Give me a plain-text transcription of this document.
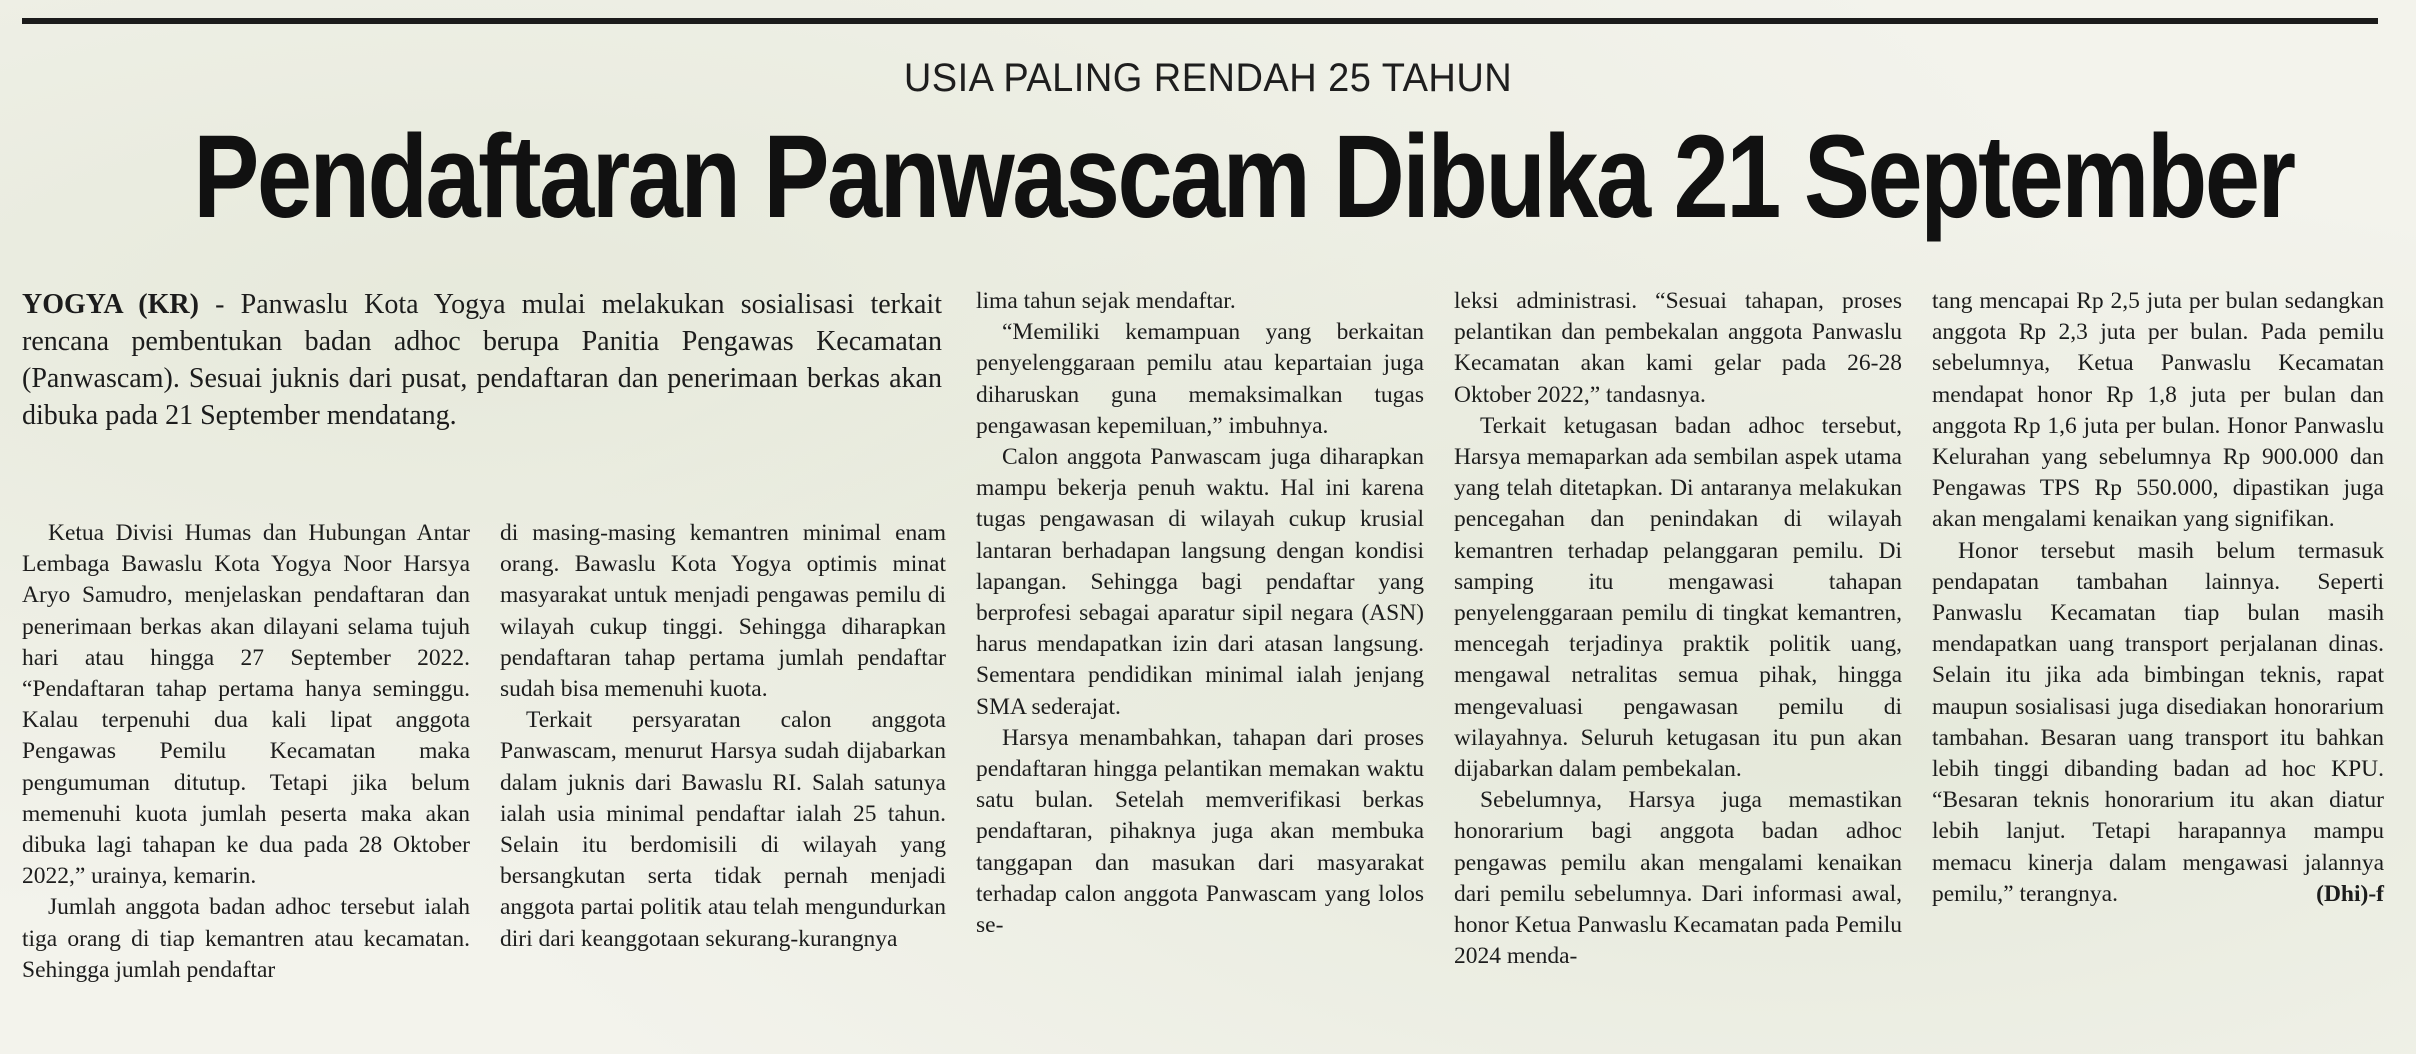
USIA PALING RENDAH 25 TAHUN
Pendaftaran Panwascam Dibuka 21 September

YOGYA (KR) - Panwaslu Kota Yogya mulai melakukan sosialisasi terkait rencana pembentukan badan adhoc berupa Panitia Pengawas Kecamatan (Panwascam). Sesuai juknis dari pusat, pendaftaran dan penerimaan berkas akan dibuka pada 21 September mendatang.

Ketua Divisi Humas dan Hubungan Antar Lembaga Bawaslu Kota Yogya Noor Harsya Aryo Samudro, menjelaskan pendaftaran dan penerimaan berkas akan dilayani selama tujuh hari atau hingga 27 September 2022. “Pendaftaran tahap pertama hanya seminggu. Kalau terpenuhi dua kali lipat anggota Pengawas Pemilu Kecamatan maka pengumuman ditutup. Tetapi jika belum memenuhi kuota jumlah peserta maka akan dibuka lagi tahapan ke dua pada 28 Oktober 2022,” urainya, kemarin.

Jumlah anggota badan adhoc tersebut ialah tiga orang di tiap kemantren atau kecamatan. Sehingga jumlah pendaftar

di masing-masing kemantren minimal enam orang. Bawaslu Kota Yogya optimis minat masyarakat untuk menjadi pengawas pemilu di wilayah cukup tinggi. Sehingga diharapkan pendaftaran tahap pertama jumlah pendaftar sudah bisa memenuhi kuota.

Terkait persyaratan calon anggota Panwascam, menurut Harsya sudah dijabarkan dalam juknis dari Bawaslu RI. Salah satunya ialah usia minimal pendaftar ialah 25 tahun. Selain itu berdomisili di wilayah yang bersangkutan serta tidak pernah menjadi anggota partai politik atau telah mengundurkan diri dari keanggotaan sekurang-kurangnya

lima tahun sejak mendaftar.

“Memiliki kemampuan yang berkaitan penyelenggaraan pemilu atau kepartaian juga diharuskan guna memaksimalkan tugas pengawasan kepemiluan,” imbuhnya.

Calon anggota Panwascam juga diharapkan mampu bekerja penuh waktu. Hal ini karena tugas pengawasan di wilayah cukup krusial lantaran berhadapan langsung dengan kondisi lapangan. Sehingga bagi pendaftar yang berprofesi sebagai aparatur sipil negara (ASN) harus mendapatkan izin dari atasan langsung. Sementara pendidikan minimal ialah jenjang SMA sederajat.

Harsya menambahkan, tahapan dari proses pendaftaran hingga pelantikan memakan waktu satu bulan. Setelah memverifikasi berkas pendaftaran, pihaknya juga akan membuka tanggapan dan masukan dari masyarakat terhadap calon anggota Panwascam yang lolos se-

leksi administrasi. “Sesuai tahapan, proses pelantikan dan pembekalan anggota Panwaslu Kecamatan akan kami gelar pada 26-28 Oktober 2022,” tandasnya.

Terkait ketugasan badan adhoc tersebut, Harsya memaparkan ada sembilan aspek utama yang telah ditetapkan. Di antaranya melakukan pencegahan dan penindakan di wilayah kemantren terhadap pelanggaran pemilu. Di samping itu mengawasi tahapan penyelenggaraan pemilu di tingkat kemantren, mencegah terjadinya praktik politik uang, mengawal netralitas semua pihak, hingga mengevaluasi pengawasan pemilu di wilayahnya. Seluruh ketugasan itu pun akan dijabarkan dalam pembekalan.

Sebelumnya, Harsya juga memastikan honorarium bagi anggota badan adhoc pengawas pemilu akan mengalami kenaikan dari pemilu sebelumnya. Dari informasi awal, honor Ketua Panwaslu Kecamatan pada Pemilu 2024 menda-

tang mencapai Rp 2,5 juta per bulan sedangkan anggota Rp 2,3 juta per bulan. Pada pemilu sebelumnya, Ketua Panwaslu Kecamatan mendapat honor Rp 1,8 juta per bulan dan anggota Rp 1,6 juta per bulan. Honor Panwaslu Kelurahan yang sebelumnya Rp 900.000 dan Pengawas TPS Rp 550.000, dipastikan juga akan mengalami kenaikan yang signifikan.

Honor tersebut masih belum termasuk pendapatan tambahan lainnya. Seperti Panwaslu Kecamatan tiap bulan masih mendapatkan uang transport perjalanan dinas. Selain itu jika ada bimbingan teknis, rapat maupun sosialisasi juga disediakan honorarium tambahan. Besaran uang transport itu bahkan lebih tinggi dibanding badan ad hoc KPU. “Besaran teknis honorarium itu akan diatur lebih lanjut. Tetapi harapannya mampu memacu kinerja dalam mengawasi jalannya pemilu,” terangnya.	(Dhi)-f
